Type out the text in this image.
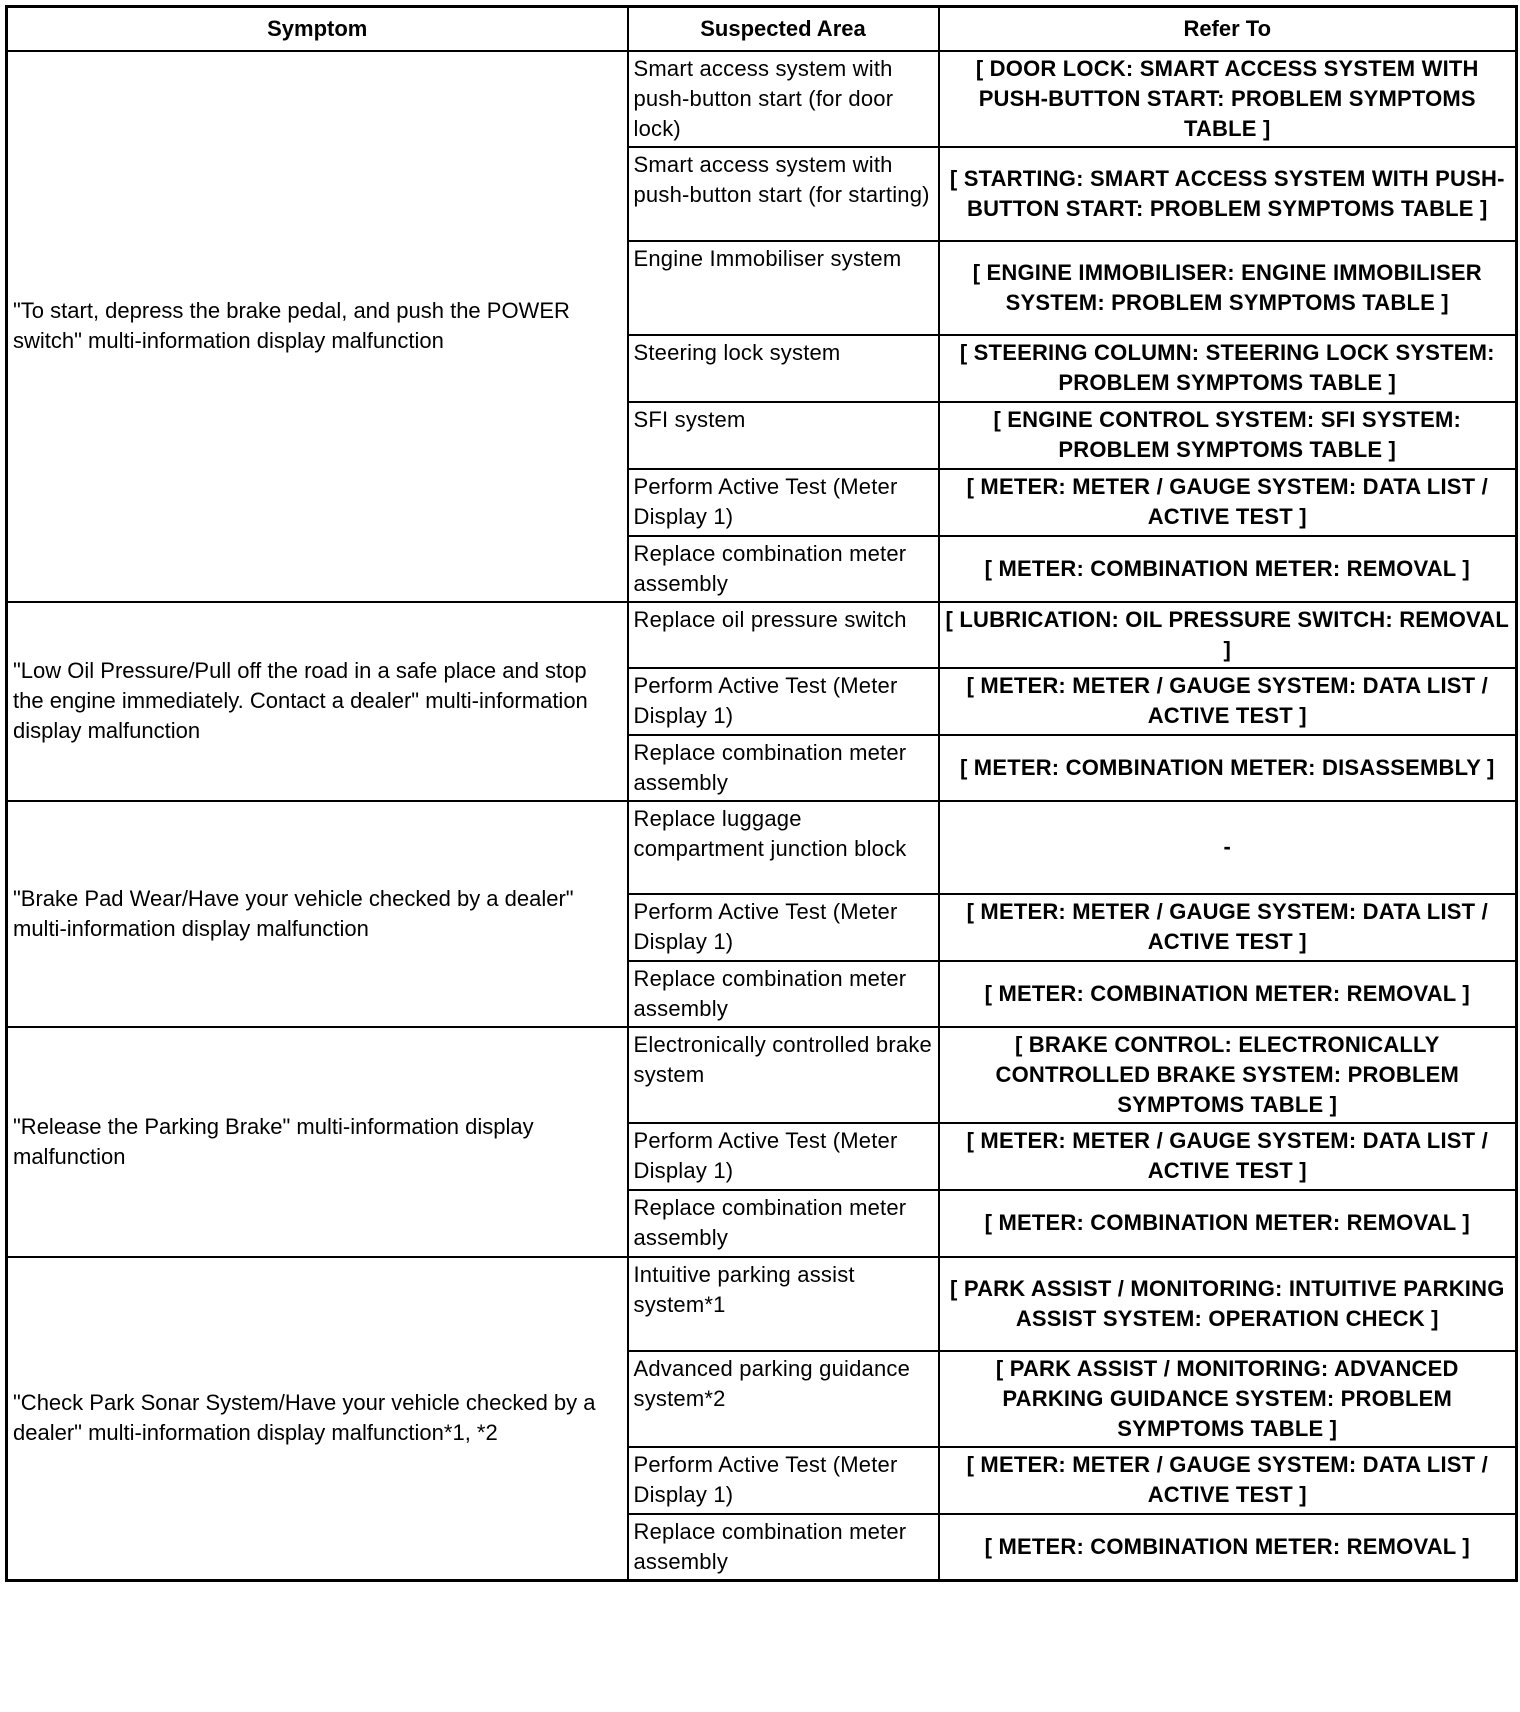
Symptom	Suspected Area	Refer To
"To start, depress the brake pedal, and push the POWER switch" multi-information display malfunction	Smart access system with push-button start (for door lock)	[ DOOR LOCK: SMART ACCESS SYSTEM WITH PUSH-BUTTON START: PROBLEM SYMPTOMS TABLE ]
	Smart access system with push-button start (for starting)	[ STARTING: SMART ACCESS SYSTEM WITH PUSH-BUTTON START: PROBLEM SYMPTOMS TABLE ]
	Engine Immobiliser system	[ ENGINE IMMOBILISER: ENGINE IMMOBILISER SYSTEM: PROBLEM SYMPTOMS TABLE ]
	Steering lock system	[ STEERING COLUMN: STEERING LOCK SYSTEM: PROBLEM SYMPTOMS TABLE ]
	SFI system	[ ENGINE CONTROL SYSTEM: SFI SYSTEM: PROBLEM SYMPTOMS TABLE ]
	Perform Active Test (Meter Display 1)	[ METER: METER / GAUGE SYSTEM: DATA LIST / ACTIVE TEST ]
	Replace combination meter assembly	[ METER: COMBINATION METER: REMOVAL ]
"Low Oil Pressure/Pull off the road in a safe place and stop the engine immediately. Contact a dealer" multi-information display malfunction	Replace oil pressure switch	[ LUBRICATION: OIL PRESSURE SWITCH: REMOVAL ]
	Perform Active Test (Meter Display 1)	[ METER: METER / GAUGE SYSTEM: DATA LIST / ACTIVE TEST ]
	Replace combination meter assembly	[ METER: COMBINATION METER: DISASSEMBLY ]
"Brake Pad Wear/Have your vehicle checked by a dealer" multi-information display malfunction	Replace luggage compartment junction block	-
	Perform Active Test (Meter Display 1)	[ METER: METER / GAUGE SYSTEM: DATA LIST / ACTIVE TEST ]
	Replace combination meter assembly	[ METER: COMBINATION METER: REMOVAL ]
"Release the Parking Brake" multi-information display malfunction	Electronically controlled brake system	[ BRAKE CONTROL: ELECTRONICALLY CONTROLLED BRAKE SYSTEM: PROBLEM SYMPTOMS TABLE ]
	Perform Active Test (Meter Display 1)	[ METER: METER / GAUGE SYSTEM: DATA LIST / ACTIVE TEST ]
	Replace combination meter assembly	[ METER: COMBINATION METER: REMOVAL ]
"Check Park Sonar System/Have your vehicle checked by a dealer" multi-information display malfunction*1, *2	Intuitive parking assist system*1	[ PARK ASSIST / MONITORING: INTUITIVE PARKING ASSIST SYSTEM: OPERATION CHECK ]
	Advanced parking guidance system*2	[ PARK ASSIST / MONITORING: ADVANCED PARKING GUIDANCE SYSTEM: PROBLEM SYMPTOMS TABLE ]
	Perform Active Test (Meter Display 1)	[ METER: METER / GAUGE SYSTEM: DATA LIST / ACTIVE TEST ]
	Replace combination meter assembly	[ METER: COMBINATION METER: REMOVAL ]
